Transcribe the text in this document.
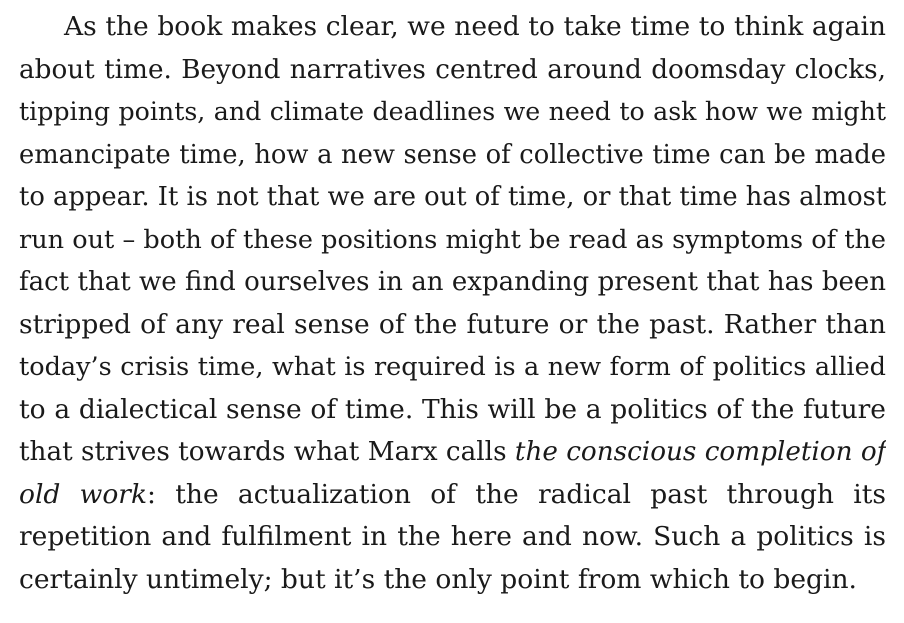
As the book makes clear, we need to take time to think again
about time. Beyond narratives centred around doomsday clocks,
tipping points, and climate deadlines we need to ask how we might
emancipate time, how a new sense of collective time can be made
to appear. It is not that we are out of time, or that time has almost
run out – both of these positions might be read as symptoms of the
fact that we find ourselves in an expanding present that has been
stripped of any real sense of the future or the past. Rather than
today’s crisis time, what is required is a new form of politics allied
to a dialectical sense of time. This will be a politics of the future
that strives towards what Marx calls the conscious completion of
old work: the actualization of the radical past through its
repetition and fulfilment in the here and now. Such a politics is
certainly untimely; but it’s the only point from which to begin.
